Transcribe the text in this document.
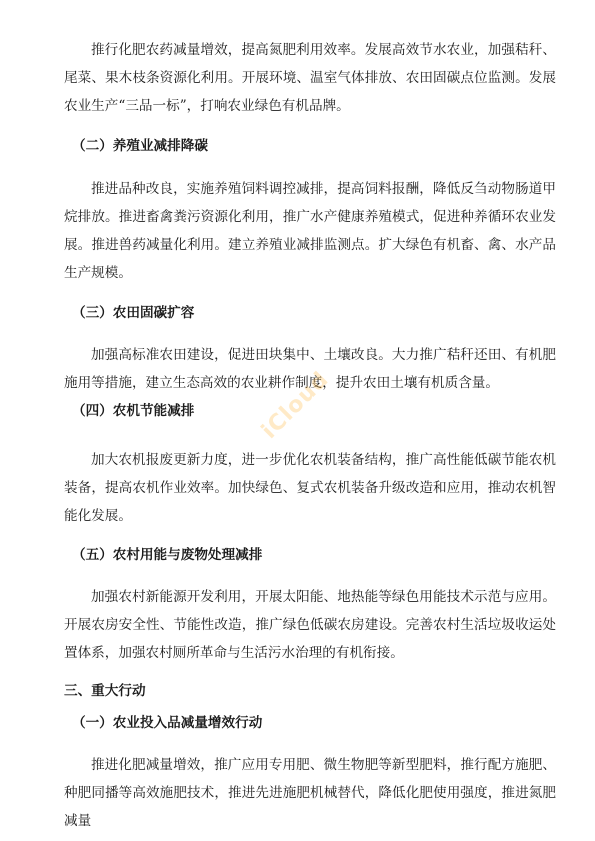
推行化肥农药减量增效，提高氮肥利用效率。发展高效节水农业，加强秸秆、尾菜、果木枝条资源化利用。开展环境、温室气体排放、农田固碳点位监测。发展农业生产“三品一标”，打响农业绿色有机品牌。

（二）养殖业减排降碳

推进品种改良，实施养殖饲料调控减排，提高饲料报酬，降低反刍动物肠道甲烷排放。推进畜禽粪污资源化利用，推广水产健康养殖模式，促进种养循环农业发展。推进兽药减量化利用。建立养殖业减排监测点。扩大绿色有机畜、禽、水产品生产规模。

（三）农田固碳扩容

加强高标准农田建设，促进田块集中、土壤改良。大力推广秸秆还田、有机肥施用等措施，建立生态高效的农业耕作制度，提升农田土壤有机质含量。

（四）农机节能减排

加大农机报废更新力度，进一步优化农机装备结构，推广高性能低碳节能农机装备，提高农机作业效率。加快绿色、复式农机装备升级改造和应用，推动农机智能化发展。

（五）农村用能与废物处理减排

加强农村新能源开发利用，开展太阳能、地热能等绿色用能技术示范与应用。开展农房安全性、节能性改造，推广绿色低碳农房建设。完善农村生活垃圾收运处置体系，加强农村厕所革命与生活污水治理的有机衔接。

三、重大行动
（一）农业投入品减量增效行动

推进化肥减量增效，推广应用专用肥、微生物肥等新型肥料，推行配方施肥、种肥同播等高效施肥技术，推进先进施肥机械替代，降低化肥使用强度，推进氮肥减量

iCloud
